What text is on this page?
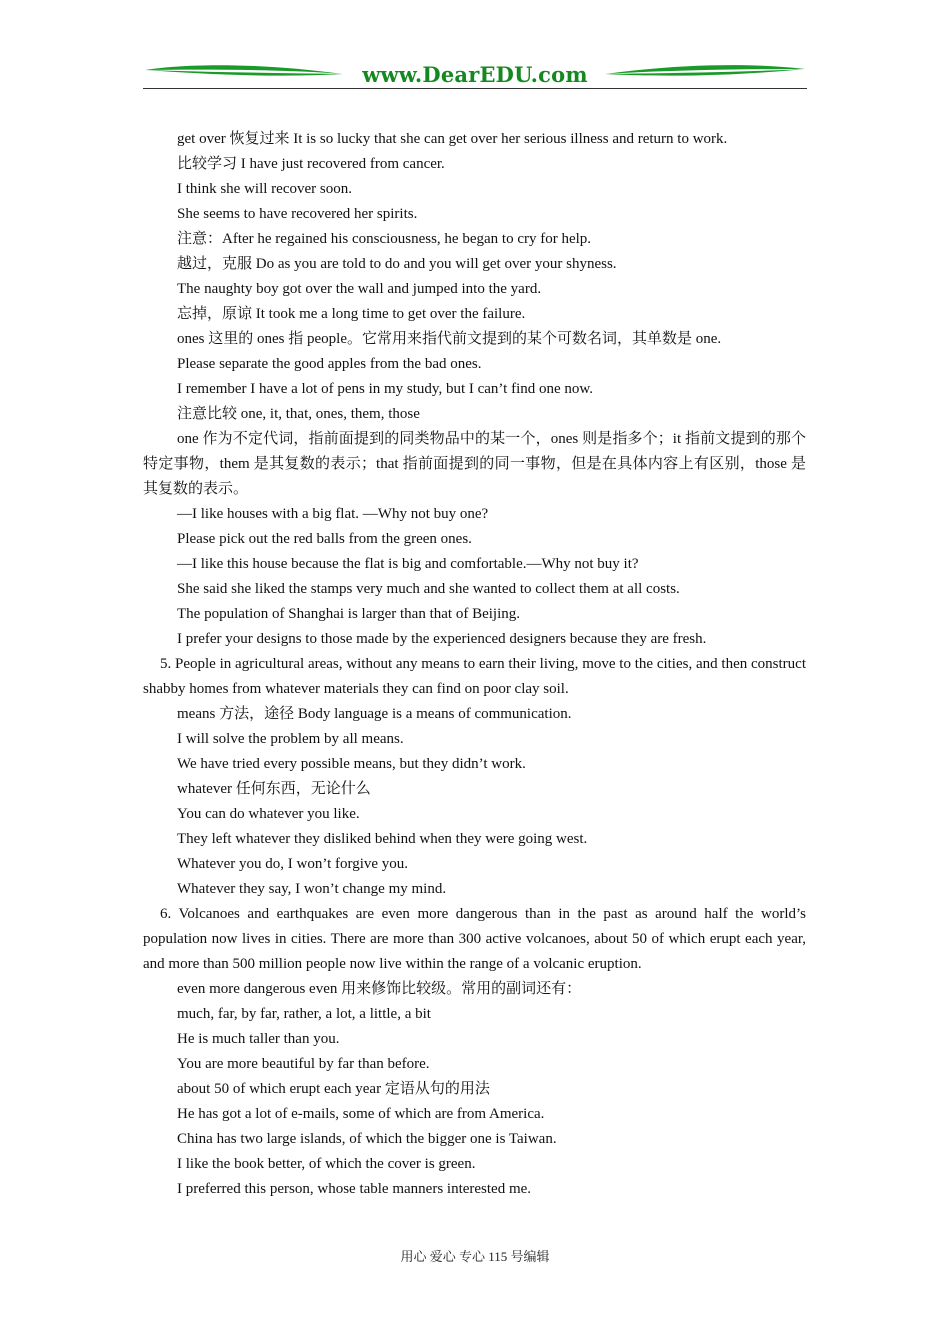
www.DearEDU.com
get over 恢复过来 It is so lucky that she can get over her serious illness and return to work.
比较学习 I have just recovered from cancer.
I think she will recover soon.
She seems to have recovered her spirits.
注意：After he regained his consciousness, he began to cry for help.
越过，克服 Do as you are told to do and you will get over your shyness.
The naughty boy got over the wall and jumped into the yard.
忘掉，原谅 It took me a long time to get over the failure.
ones 这里的 ones 指 people。它常用来指代前文提到的某个可数名词，其单数是 one.
Please separate the good apples from the bad ones.
I remember I have a lot of pens in my study, but I can’t find one now.
注意比较 one, it, that, ones, them, those
one 作为不定代词，指前面提到的同类物品中的某一个，ones 则是指多个；it 指前文提到的那个特定事物，them 是其复数的表示；that 指前面提到的同一事物，但是在具体内容上有区别，those 是其复数的表示。
—I like houses with a big flat. —Why not buy one?
Please pick out the red balls from the green ones.
—I like this house because the flat is big and comfortable.—Why not buy it?
She said she liked the stamps very much and she wanted to collect them at all costs.
The population of Shanghai is larger than that of Beijing.
I prefer your designs to those made by the experienced designers because they are fresh.
5. People in agricultural areas, without any means to earn their living, move to the cities, and then construct shabby homes from whatever materials they can find on poor clay soil.
means 方法，途径 Body language is a means of communication.
I will solve the problem by all means.
We have tried every possible means, but they didn’t work.
whatever 任何东西，无论什么
You can do whatever you like.
They left whatever they disliked behind when they were going west.
Whatever you do, I won’t forgive you.
Whatever they say, I won’t change my mind.
6. Volcanoes and earthquakes are even more dangerous than in the past as around half the world’s population now lives in cities. There are more than 300 active volcanoes, about 50 of which erupt each year, and more than 500 million people now live within the range of a volcanic eruption.
even more dangerous even 用来修饰比较级。常用的副词还有：
much, far, by far, rather, a lot, a little, a bit
He is much taller than you.
You are more beautiful by far than before.
about 50 of which erupt each year 定语从句的用法
He has got a lot of e-mails, some of which are from America.
China has two large islands, of which the bigger one is Taiwan.
I like the book better, of which the cover is green.
I preferred this person, whose table manners interested me.
用心 爱心 专心 115 号编辑
